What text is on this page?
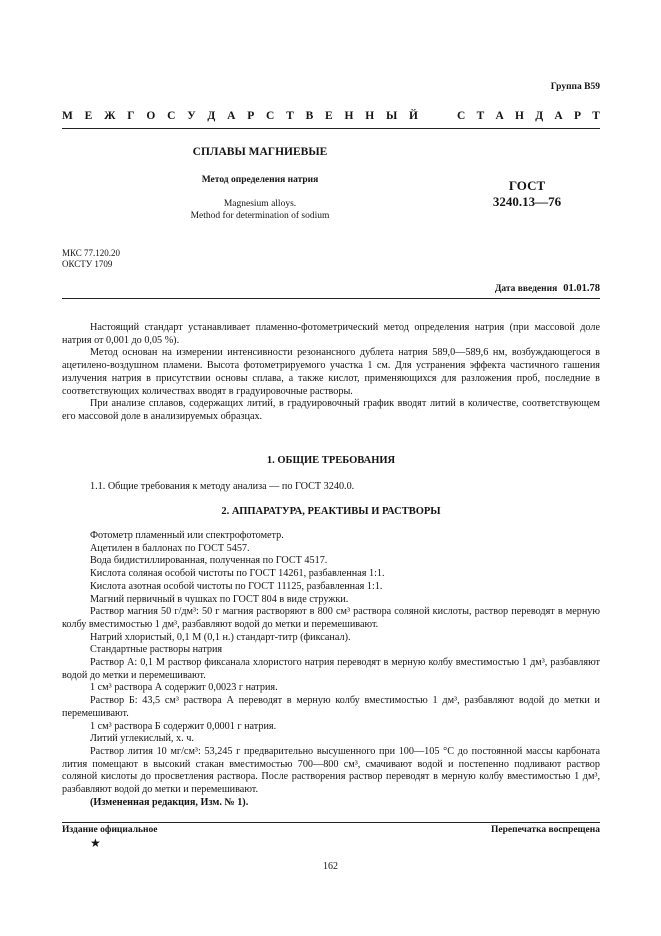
Группа В59
М Е Ж Г О С У Д А Р С Т В Е Н Н Ы Й	С Т А Н Д А Р Т
СПЛАВЫ МАГНИЕВЫЕ
Метод определения натрия
Magnesium alloys.
Method for determination of sodium
ГОСТ
3240.13—76
МКС 77.120.20
ОКСТУ 1709
Дата введения 01.01.78

Настоящий стандарт устанавливает пламенно-фотометрический метод определения натрия (при массовой доле натрия от 0,001 до 0,05 %).

Метод основан на измерении интенсивности резонансного дублета натрия 589,0—589,6 нм, возбуждающегося в ацетилено-воздушном пламени. Высота фотометрируемого участка 1 см. Для устранения эффекта частичного гашения излучения натрия в присутствии основы сплава, а также кислот, применяющихся для разложения проб, последние в соответствующих количествах вводят в градуировочные растворы.

При анализе сплавов, содержащих литий, в градуировочный график вводят литий в количестве, соответствующем его массовой доле в анализируемых образцах.

1. ОБЩИЕ ТРЕБОВАНИЯ

1.1. Общие требования к методу анализа — по ГОСТ 3240.0.

2. АППАРАТУРА, РЕАКТИВЫ И РАСТВОРЫ

Фотометр пламенный или спектрофотометр.

Ацетилен в баллонах по ГОСТ 5457.

Вода бидистиллированная, полученная по ГОСТ 4517.

Кислота соляная особой чистоты по ГОСТ 14261, разбавленная 1:1.

Кислота азотная особой чистоты по ГОСТ 11125, разбавленная 1:1.

Магний первичный в чушках по ГОСТ 804 в виде стружки.

Раствор магния 50 г/дм³: 50 г магния растворяют в 800 см³ раствора соляной кислоты, раствор переводят в мерную колбу вместимостью 1 дм³, разбавляют водой до метки и перемешивают.

Натрий хлористый, 0,1 М (0,1 н.) стандарт-титр (фиксанал).

Стандартные растворы натрия

Раствор А: 0,1 М раствор фиксанала хлористого натрия переводят в мерную колбу вместимостью 1 дм³, разбавляют водой до метки и перемешивают.

1 см³ раствора А содержит 0,0023 г натрия.

Раствор Б: 43,5 см³ раствора А переводят в мерную колбу вместимостью 1 дм³, разбавляют водой до метки и перемешивают.

1 см³ раствора Б содержит 0,0001 г натрия.

Литий углекислый, х. ч.

Раствор лития 10 мг/см³: 53,245 г предварительно высушенного при 100—105 °С до постоянной массы карбоната лития помещают в высокий стакан вместимостью 700—800 см³, смачивают водой и постепенно подливают раствор соляной кислоты до просветления раствора. После растворения раствор переводят в мерную колбу вместимостью 1 дм³, разбавляют водой до метки и перемешивают.

(Измененная редакция, Изм. № 1).

Издание официальное
★
Перепечатка воспрещена
162
